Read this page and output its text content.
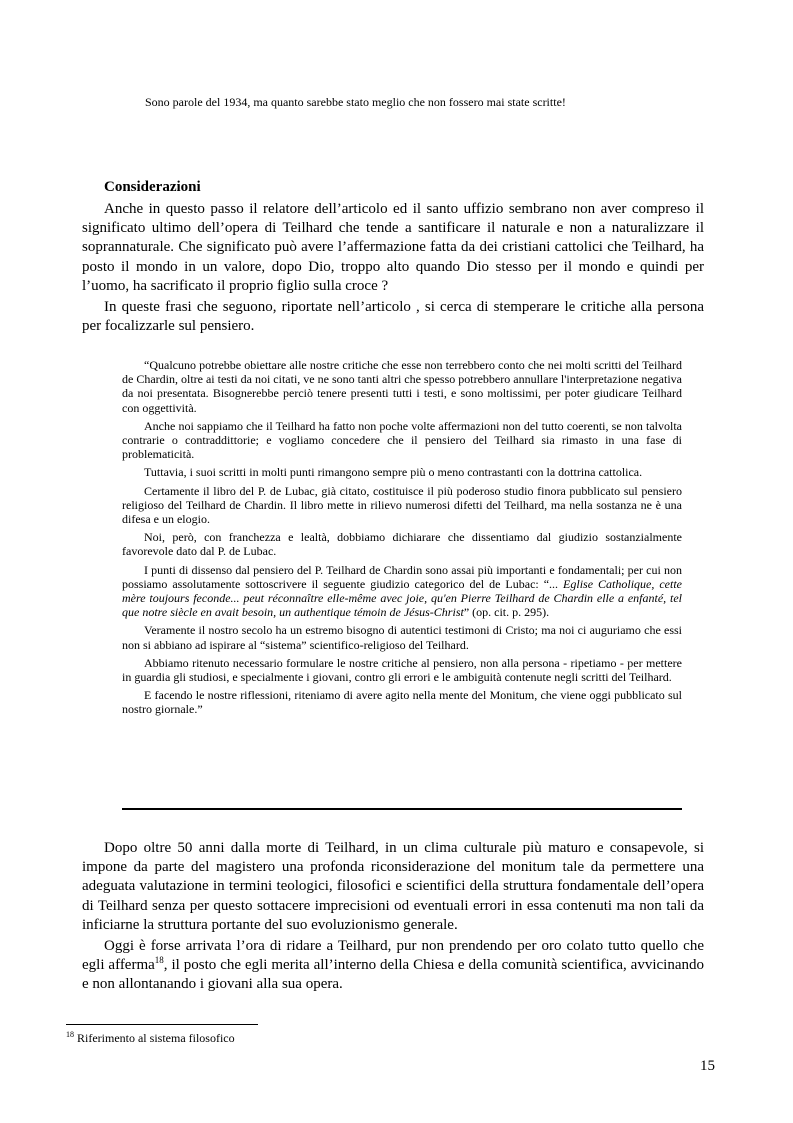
Sono parole del 1934, ma quanto sarebbe stato meglio che non fossero mai state scritte!
Considerazioni

Anche in questo passo il relatore dell’articolo ed il santo uffizio sembrano non aver compreso il significato ultimo dell’opera di Teilhard che tende a santificare il naturale e non a naturalizzare il soprannaturale. Che significato può avere l’affermazione fatta da dei cristiani cattolici che Teilhard, ha posto il mondo in un valore, dopo Dio, troppo alto quando Dio stesso per il mondo e quindi per l’uomo, ha sacrificato il proprio figlio sulla croce ?

In queste frasi che seguono, riportate nell’articolo , si cerca di stemperare le critiche alla persona per focalizzarle sul pensiero.

“Qualcuno potrebbe obiettare alle nostre critiche che esse non terrebbero conto che nei molti scritti del Teilhard de Chardin, oltre ai testi da noi citati, ve ne sono tanti altri che spesso potrebbero annullare l'interpretazione negativa da noi presentata. Bisognerebbe perciò tenere presenti tutti i testi, e sono moltissimi, per poter giudicare Teilhard con oggettività.

Anche noi sappiamo che il Teilhard ha fatto non poche volte affermazioni non del tutto coerenti, se non talvolta contrarie o contraddittorie; e vogliamo concedere che il pensiero del Teilhard sia rimasto in una fase di problematicità.

Tuttavia, i suoi scritti in molti punti rimangono sempre più o meno contrastanti con la dottrina cattolica.

Certamente il libro del P. de Lubac, già citato, costituisce il più poderoso studio finora pubblicato sul pensiero religioso del Teilhard de Chardin. Il libro mette in rilievo numerosi difetti del Teilhard, ma nella sostanza ne è una difesa e un elogio.

Noi, però, con franchezza e lealtà, dobbiamo dichiarare che dissentiamo dal giudizio sostanzialmente favorevole dato dal P. de Lubac.

I punti di dissenso dal pensiero del P. Teilhard de Chardin sono assai più importanti e fondamentali; per cui non possiamo assolutamente sottoscrivere il seguente giudizio categorico del de Lubac: “... Eglise Catholique, cette mère toujours feconde... peut réconnaître elle-même avec joie, qu'en Pierre Teilhard de Chardin elle a enfanté, tel que notre siècle en avait besoin, un authentique témoin de Jésus-Christ” (op. cit. p. 295).

Veramente il nostro secolo ha un estremo bisogno di autentici testimoni di Cristo; ma noi ci auguriamo che essi non si abbiano ad ispirare al “sistema” scientifico-religioso del Teilhard.

Abbiamo ritenuto necessario formulare le nostre critiche al pensiero, non alla persona - ripetiamo - per mettere in guardia gli studiosi, e specialmente i giovani, contro gli errori e le ambiguità contenute negli scritti del Teilhard.

E facendo le nostre riflessioni, riteniamo di avere agito nella mente del Monitum, che viene oggi pubblicato sul nostro giornale.”

Dopo oltre 50 anni dalla morte di Teilhard, in un clima culturale più maturo e consapevole, si impone da parte del magistero una profonda riconsiderazione del monitum tale da permettere una adeguata valutazione in termini teologici, filosofici e scientifici della struttura fondamentale dell’opera di Teilhard senza per questo sottacere imprecisioni od eventuali errori in essa contenuti ma non tali da inficiarne la struttura portante del suo evoluzionismo generale.

Oggi è forse arrivata l’ora di ridare a Teilhard, pur non prendendo per oro colato tutto quello che egli afferma$^{18}$, il posto che egli merita all’interno della Chiesa e della comunità scientifica, avvicinando e non allontanando i giovani alla sua opera.

$^{18}$ Riferimento al sistema filosofico
15
